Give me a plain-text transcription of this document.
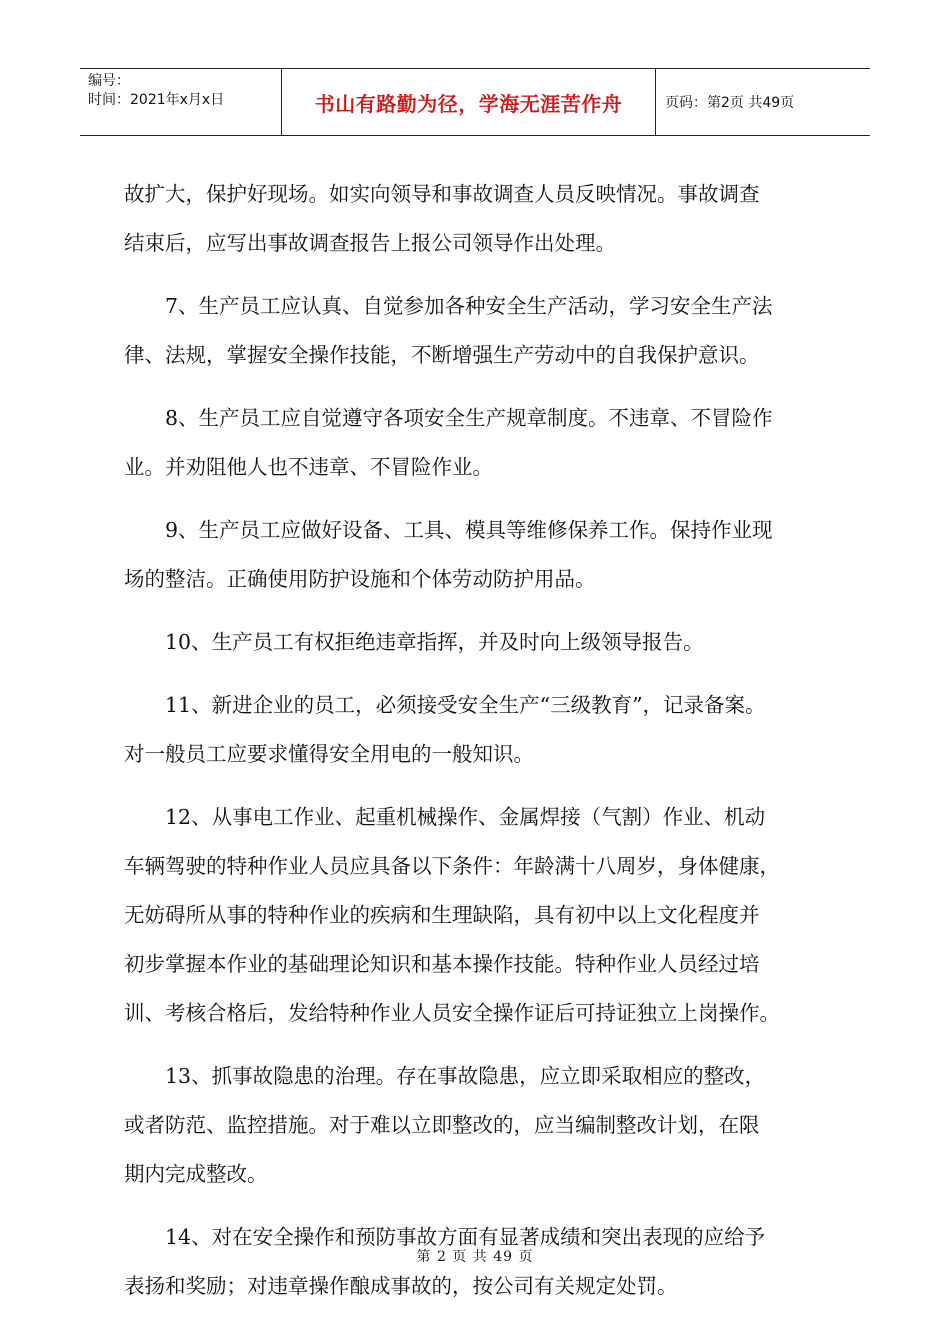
编号：
时间：2021年x月x日	书山有路勤为径，学海无涯苦作舟	页码：第2页 共49页
故扩大，保护好现场。如实向领导和事故调查人员反映情况。事故调查
结束后，应写出事故调查报告上报公司领导作出处理。
7、生产员工应认真、自觉参加各种安全生产活动，学习安全生产法
律、法规，掌握安全操作技能，不断增强生产劳动中的自我保护意识。
8、生产员工应自觉遵守各项安全生产规章制度。不违章、不冒险作
业。并劝阻他人也不违章、不冒险作业。
9、生产员工应做好设备、工具、模具等维修保养工作。保持作业现
场的整洁。正确使用防护设施和个体劳动防护用品。
10、生产员工有权拒绝违章指挥，并及时向上级领导报告。
11、新进企业的员工，必须接受安全生产“三级教育”，记录备案。
对一般员工应要求懂得安全用电的一般知识。
12、从事电工作业、起重机械操作、金属焊接（气割）作业、机动
车辆驾驶的特种作业人员应具备以下条件：年龄满十八周岁，身体健康，
无妨碍所从事的特种作业的疾病和生理缺陷，具有初中以上文化程度并
初步掌握本作业的基础理论知识和基本操作技能。特种作业人员经过培
训、考核合格后，发给特种作业人员安全操作证后可持证独立上岗操作。
13、抓事故隐患的治理。存在事故隐患，应立即采取相应的整改，
或者防范、监控措施。对于难以立即整改的，应当编制整改计划，在限
期内完成整改。
14、对在安全操作和预防事故方面有显著成绩和突出表现的应给予
表扬和奖励；对违章操作酿成事故的，按公司有关规定处罚。
第 2 页 共 49 页
